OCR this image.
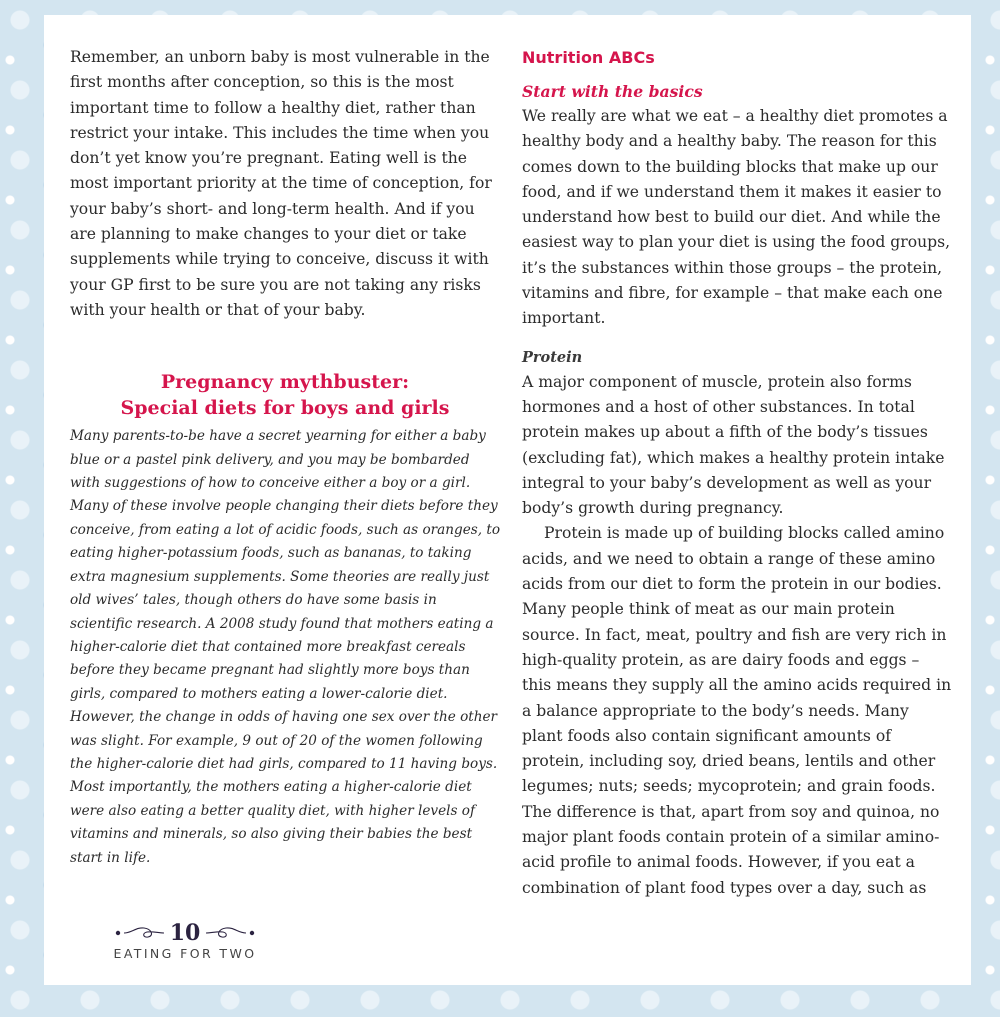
Remember, an unborn baby is most vulnerable in the first months after conception, so this is the most important time to follow a healthy diet, rather than restrict your intake. This includes the time when you don’t yet know you’re pregnant. Eating well is the most important priority at the time of conception, for your baby’s short- and long-term health. And if you are planning to make changes to your diet or take supplements while trying to conceive, discuss it with your GP first to be sure you are not taking any risks with your health or that of your baby.

Pregnancy mythbuster:
Special diets for boys and girls

Many parents-to-be have a secret yearning for either a baby blue or a pastel pink delivery, and you may be bombarded with suggestions of how to conceive either a boy or a girl. Many of these involve people changing their diets before they conceive, from eating a lot of acidic foods, such as oranges, to eating higher-potassium foods, such as bananas, to taking extra magnesium supplements. Some theories are really just old wives’ tales, though others do have some basis in scientific research. A 2008 study found that mothers eating a higher-calorie diet that contained more breakfast cereals before they became pregnant had slightly more boys than girls, compared to mothers eating a lower-calorie diet. However, the change in odds of having one sex over the other was slight. For example, 9 out of 20 of the women following the higher-calorie diet had girls, compared to 11 having boys. Most importantly, the mothers eating a higher-calorie diet were also eating a better quality diet, with higher levels of vitamins and minerals, so also giving their babies the best start in life.

Nutrition ABCs
Start with the basics

We really are what we eat – a healthy diet promotes a healthy body and a healthy baby. The reason for this comes down to the building blocks that make up our food, and if we understand them it makes it easier to understand how best to build our diet. And while the easiest way to plan your diet is using the food groups, it’s the substances within those groups – the protein, vitamins and fibre, for example – that make each one important.

Protein

A major component of muscle, protein also forms hormones and a host of other substances. In total protein makes up about a fifth of the body’s tissues (excluding fat), which makes a healthy protein intake integral to your baby’s development as well as your body’s growth during pregnancy.

Protein is made up of building blocks called amino acids, and we need to obtain a range of these amino acids from our diet to form the protein in our bodies. Many people think of meat as our main protein source. In fact, meat, poultry and fish are very rich in high-quality protein, as are dairy foods and eggs – this means they supply all the amino acids required in a balance appropriate to the body’s needs. Many plant foods also contain significant amounts of protein, including soy, dried beans, lentils and other legumes; nuts; seeds; mycoprotein; and grain foods. The difference is that, apart from soy and quinoa, no major plant foods contain protein of a similar amino-acid profile to animal foods. However, if you eat a combination of plant food types over a day, such as

10
EATING FOR TWO
